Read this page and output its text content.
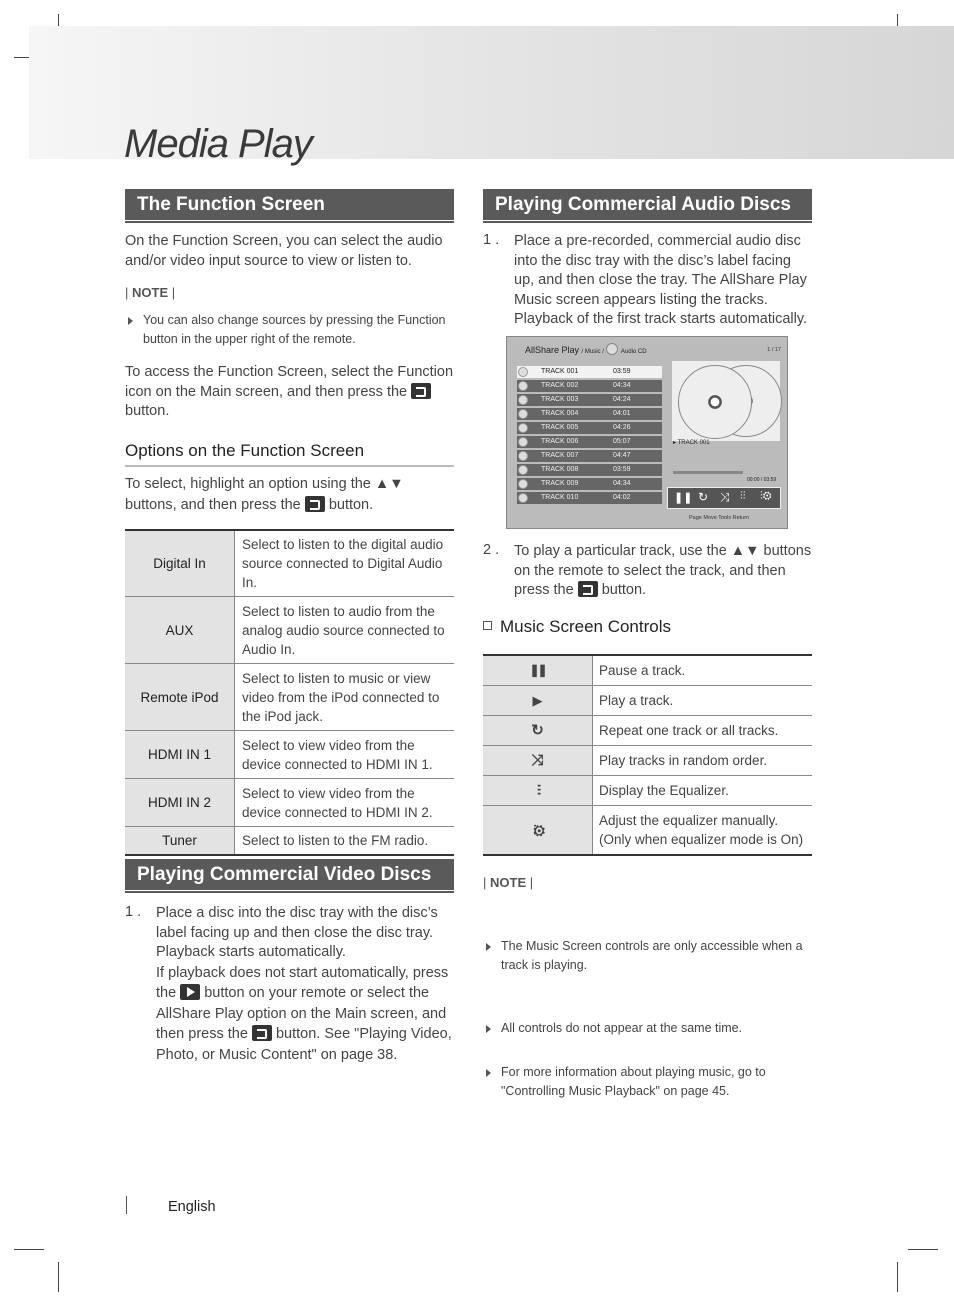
Media Play
The Function Screen
On the Function Screen, you can select the audio and/or video input source to view or listen to.
| NOTE |
You can also change sources by pressing the Function button in the upper right of the remote.
To access the Function Screen, select the Function icon on the Main screen, and then press the  button.
Options on the Function Screen
To select, highlight an option using the ▲▼ buttons, and then press the button.
Digital In	Select to listen to the digital audio source connected to Digital Audio In.
AUX	Select to listen to audio from the analog audio source connected to Audio In.
Remote iPod	Select to listen to music or view video from the iPod connected to the iPod jack.
HDMI IN 1	Select to view video from the device connected to HDMI IN 1.
HDMI IN 2	Select to view video from the device connected to HDMI IN 2.
Tuner	Select to listen to the FM radio.
Playing Commercial Video Discs
1 . Place a disc into the disc tray with the disc’s label facing up and then close the disc tray. Playback starts automatically.
If playback does not start automatically, press the button on your remote or select the AllShare Play option on the Main screen, and then press the button. See "Playing Video, Photo, or Music Content" on page 38.
Playing Commercial Audio Discs
1 . Place a pre-recorded, commercial audio disc into the disc tray with the disc’s label facing up, and then close the tray. The AllShare Play Music screen appears listing the tracks. Playback of the first track starts automatically.
AllShare Play / Music /	Audio CD	1 / 17
TRACK 001	03:59
TRACK 002	04:34
TRACK 003	04:24
TRACK 004	04:01
TRACK 005	04:26
TRACK 006	05:07
TRACK 007	04:47
TRACK 008	03:59
TRACK 009	04:34
TRACK 010	04:02
▸ TRACK 001
00:00 / 03:59
❚❚ ↻ ⤨ ⫶⫶ ⫶⚙
Page Move Tools Return
2 . To play a particular track, use the ▲▼ buttons on the remote to select the track, and then press the button.
Music Screen Controls
❚❚	Pause a track.
▶	Play a track.
↻	Repeat one track or all tracks.
⤨	Play tracks in random order.
⫶⫶⫶	Display the Equalizer.
⫶⚙	Adjust the equalizer manually.
(Only when equalizer mode is On)
| NOTE |
The Music Screen controls are only accessible when a track is playing.
All controls do not appear at the same time.
For more information about playing music, go to "Controlling Music Playback" on page 45.
English
